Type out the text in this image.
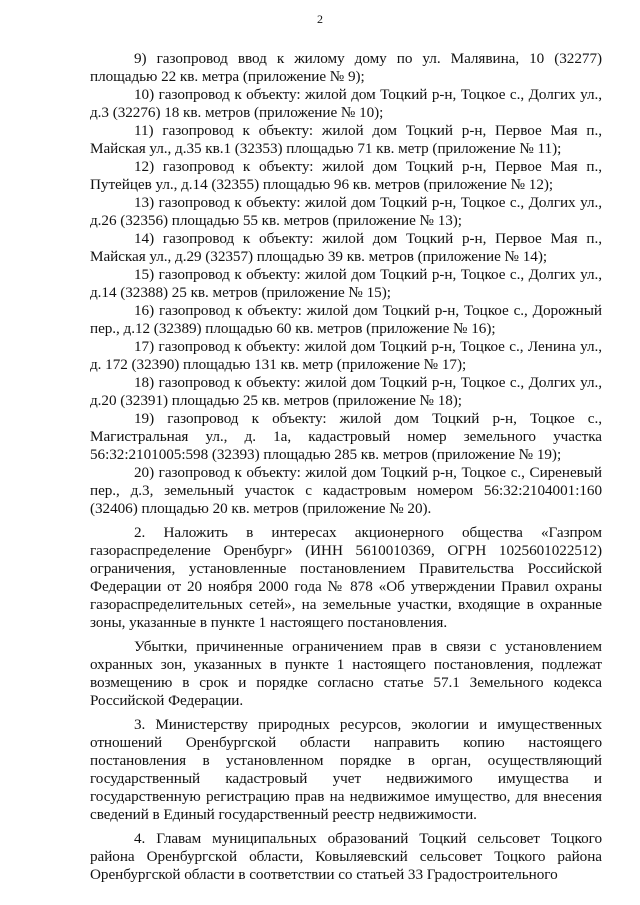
2

9) газопровод ввод к жилому дому по ул. Малявина, 10 (32277) площадью 22 кв. метра (приложение № 9);

10) газопровод к объекту: жилой дом Тоцкий р-н, Тоцкое с., Долгих ул., д.3 (32276) 18 кв. метров (приложение № 10);

11) газопровод к объекту: жилой дом Тоцкий р-н, Первое Мая п., Майская ул., д.35 кв.1 (32353) площадью 71 кв. метр (приложение № 11);

12) газопровод к объекту: жилой дом Тоцкий р-н, Первое Мая п., Путейцев ул., д.14 (32355) площадью 96 кв. метров (приложение № 12);

13) газопровод к объекту: жилой дом Тоцкий р-н, Тоцкое с., Долгих ул., д.26 (32356) площадью 55 кв. метров (приложение № 13);

14) газопровод к объекту: жилой дом Тоцкий р-н, Первое Мая п., Майская ул., д.29 (32357) площадью 39 кв. метров (приложение № 14);

15) газопровод к объекту: жилой дом Тоцкий р-н, Тоцкое с., Долгих ул., д.14 (32388) 25 кв. метров (приложение № 15);

16) газопровод к объекту: жилой дом Тоцкий р-н, Тоцкое с., Дорожный пер., д.12 (32389) площадью 60 кв. метров (приложение № 16);

17) газопровод к объекту: жилой дом Тоцкий р-н, Тоцкое с., Ленина ул., д. 172 (32390) площадью 131 кв. метр (приложение № 17);

18) газопровод к объекту: жилой дом Тоцкий р-н, Тоцкое с., Долгих ул., д.20 (32391) площадью 25 кв. метров (приложение № 18);

19) газопровод к объекту: жилой дом Тоцкий р-н, Тоцкое с., Магистральная ул., д. 1а, кадастровый номер земельного участка 56:32:2101005:598 (32393) площадью 285 кв. метров (приложение № 19);

20) газопровод к объекту: жилой дом Тоцкий р-н, Тоцкое с., Сиреневый пер., д.3, земельный участок с кадастровым номером 56:32:2104001:160 (32406) площадью 20 кв. метров (приложение № 20).

2. Наложить в интересах акционерного общества «Газпром газораспределение Оренбург» (ИНН 5610010369, ОГРН 1025601022512) ограничения, установленные постановлением Правительства Российской Федерации от 20 ноября 2000 года № 878 «Об утверждении Правил охраны газораспределительных сетей», на земельные участки, входящие в охранные зоны, указанные в пункте 1 настоящего постановления.

Убытки, причиненные ограничением прав в связи с установлением охранных зон, указанных в пункте 1 настоящего постановления, подлежат возмещению в срок и порядке согласно статье 57.1 Земельного кодекса Российской Федерации.

3. Министерству природных ресурсов, экологии и имущественных отношений Оренбургской области направить копию настоящего постановления в установленном порядке в орган, осуществляющий государственный кадастровый учет недвижимого имущества и государственную регистрацию прав на недвижимое имущество, для внесения сведений в Единый государственный реестр недвижимости.

4. Главам муниципальных образований Тоцкий сельсовет Тоцкого района Оренбургской области, Ковыляевский сельсовет Тоцкого района Оренбургской области в соответствии со статьей 33 Градостроительного
